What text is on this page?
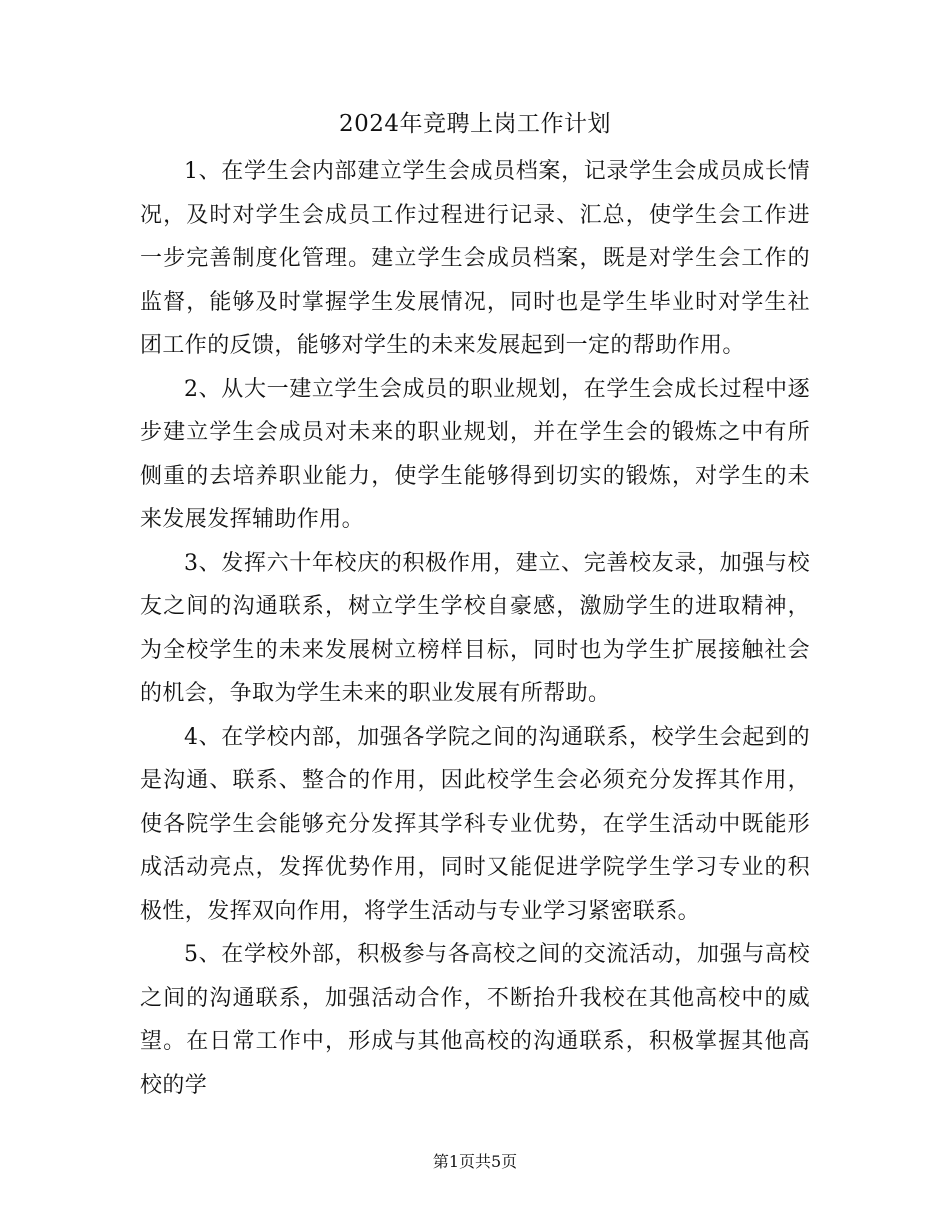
2024年竞聘上岗工作计划

1、在学生会内部建立学生会成员档案，记录学生会成员成长情况，及时对学生会成员工作过程进行记录、汇总，使学生会工作进一步完善制度化管理。建立学生会成员档案，既是对学生会工作的监督，能够及时掌握学生发展情况，同时也是学生毕业时对学生社团工作的反馈，能够对学生的未来发展起到一定的帮助作用。

2、从大一建立学生会成员的职业规划，在学生会成长过程中逐步建立学生会成员对未来的职业规划，并在学生会的锻炼之中有所侧重的去培养职业能力，使学生能够得到切实的锻炼，对学生的未来发展发挥辅助作用。

3、发挥六十年校庆的积极作用，建立、完善校友录，加强与校友之间的沟通联系，树立学生学校自豪感，激励学生的进取精神，为全校学生的未来发展树立榜样目标，同时也为学生扩展接触社会的机会，争取为学生未来的职业发展有所帮助。

4、在学校内部，加强各学院之间的沟通联系，校学生会起到的是沟通、联系、整合的作用，因此校学生会必须充分发挥其作用，使各院学生会能够充分发挥其学科专业优势，在学生活动中既能形成活动亮点，发挥优势作用，同时又能促进学院学生学习专业的积极性，发挥双向作用，将学生活动与专业学习紧密联系。

5、在学校外部，积极参与各高校之间的交流活动，加强与高校之间的沟通联系，加强活动合作，不断抬升我校在其他高校中的威望。在日常工作中，形成与其他高校的沟通联系，积极掌握其他高校的学

第1页共5页
